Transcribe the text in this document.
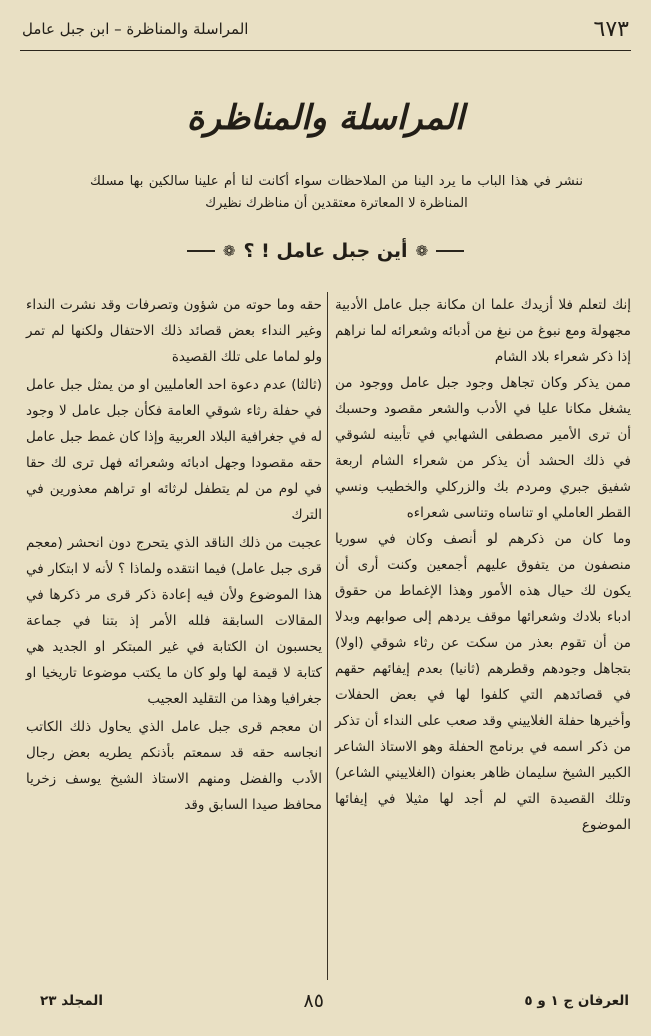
٦٧٣
المراسلة والمناظرة – ابن جبل عامل
المراسلة والمناظرة

ننشر في هذا الباب ما يرد الينا من الملاحظات سواء أكانت لنا أم علينا سالكين بها مسلك المناظرة لا المعاترة معتقدين أن مناظرك نظيرك

❁
أين جبل عامل ! ؟
❁

إنك لتعلم فلا أزيدك علما ان مكانة جبل عامل الأدبية مجهولة ومع نبوغ من نبغ من أدبائه وشعرائه لما نراهم إذا ذكر شعراء بلاد الشام

ممن يذكر وكان تجاهل وجود جبل عامل ووجود من يشغل مكانا عليا في الأدب والشعر مقصود وحسبك أن ترى الأمير مصطفى الشهابي في تأبينه لشوقي في ذلك الحشد أن يذكر من شعراء الشام اربعة شفيق جبري ومردم بك والزركلي والخطيب ونسي القطر العاملي او تناساه وتناسى شعراءه

وما كان من ذكرهم لو أنصف وكان في سوريا منصفون من يتفوق عليهم أجمعين وكنت أرى أن يكون لك حيال هذه الأمور وهذا الإغماط من حقوق ادباء بلادك وشعرائها موقف يردهم إلى صوابهم وبدلا من أن تقوم بعذر من سكت عن رثاء شوقي (اولا) بتجاهل وجودهم وقطرهم (ثانيا) بعدم إيفائهم حقهم في قصائدهم التي كلفوا لها في بعض الحفلات وأخيرها حفلة الغلاييني وقد صعب على النداء أن تذكر من ذكر اسمه في برنامج الحفلة وهو الاستاذ الشاعر الكبير الشيخ سليمان ظاهر بعنوان (الغلاييني الشاعر) وتلك القصيدة التي لم أجد لها مثيلا في إيفائها الموضوع

حقه وما حوته من شؤون وتصرفات وقد نشرت النداء وغير النداء بعض قصائد ذلك الاحتفال ولكنها لم تمر ولو لماما على تلك القصيدة

(ثالثا) عدم دعوة احد العامليين او من يمثل جبل عامل في حفلة رثاء شوقي العامة فكأن جبل عامل لا وجود له في جغرافية البلاد العربية وإذا كان غمط جبل عامل حقه مقصودا وجهل ادبائه وشعرائه فهل ترى لك حقا في لوم من لم يتطفل لرثائه او تراهم معذورين في الترك

عجبت من ذلك الناقد الذي يتحرج دون انحشر (معجم قرى جبل عامل) فيما انتقده ولماذا ؟ لأنه لا ابتكار في هذا الموضوع ولأن فيه إعادة ذكر قرى مر ذكرها في المقالات السابقة فلله الأمر إذ بتنا في جماعة يحسبون ان الكتابة في غير المبتكر او الجديد هي كتابة لا قيمة لها ولو كان ما يكتب موضوعا تاريخيا او جغرافيا وهذا من التقليد العجيب

ان معجم قرى جبل عامل الذي يحاول ذلك الكاتب انجاسه حقه قد سمعتم بأذنكم يطريه بعض رجال الأدب والفضل ومنهم الاستاذ الشيخ يوسف زخريا محافظ صيدا السابق وقد

العرفان ج ١ و ٥
٨٥
المجلد ٢٣
